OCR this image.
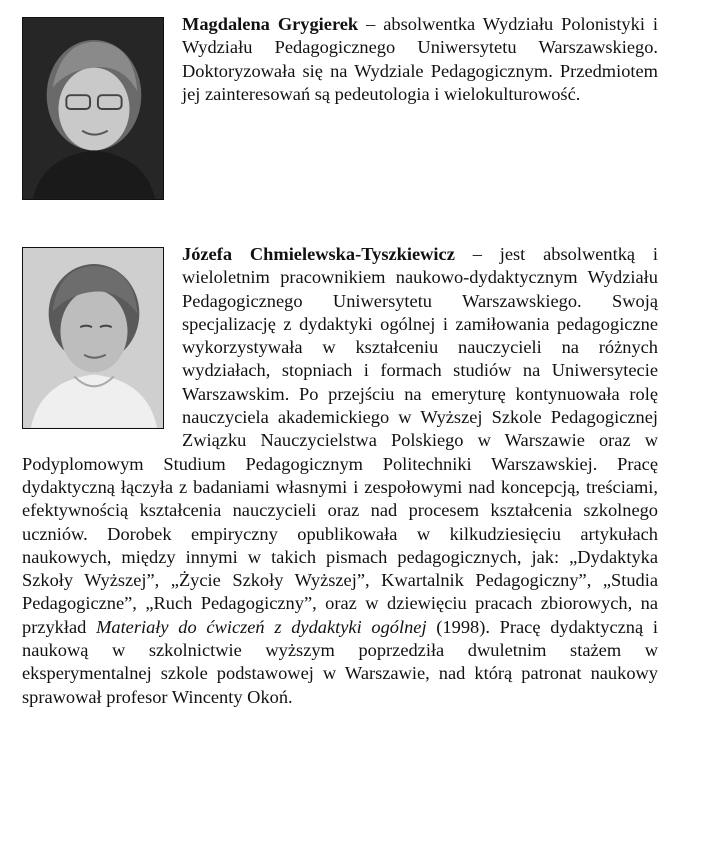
Magdalena Grygierek – absolwentka Wydziału Polonistyki i Wydziału Pedagogicznego Uniwersytetu Warszawskiego. Doktoryzowała się na Wydziale Pedagogicznym. Przedmiotem jej zainteresowań są pedeutologia i wielokulturowość.
Józefa Chmielewska-Tyszkiewicz – jest absolwentką i wieloletnim pracownikiem naukowo-dydaktycznym Wydziału Pedagogicznego Uniwersytetu Warszawskiego. Swoją specjalizację z dydaktyki ogólnej i zamiłowania pedagogiczne wykorzystywała w kształceniu nauczycieli na różnych wydziałach, stopniach i formach studiów na Uniwersytecie Warszawskim. Po przejściu na emeryturę kontynuowała rolę nauczyciela akademickiego w Wyższej Szkole Pedagogicznej Związku Nauczycielstwa Polskiego w Warszawie oraz w Podyplomowym Studium Pedagogicznym Politechniki Warszawskiej. Pracę dydaktyczną łączyła z badaniami własnymi i zespołowymi nad koncepcją, treściami, efektywnością kształcenia nauczycieli oraz nad procesem kształcenia szkolnego uczniów. Dorobek empiryczny opublikowała w kilkudziesięciu artykułach naukowych, między innymi w takich pismach pedagogicznych, jak: „Dydaktyka Szkoły Wyższej”, „Życie Szkoły Wyższej”, Kwartalnik Pedagogiczny”, „Studia Pedagogiczne”, „Ruch Pedagogiczny”, oraz w dziewięciu pracach zbiorowych, na przykład Materiały do ćwiczeń z dydaktyki ogólnej (1998). Pracę dydaktyczną i naukową w szkolnictwie wyższym poprzedziła dwuletnim stażem w eksperymentalnej szkole podstawowej w Warszawie, nad którą patronat naukowy sprawował profesor Wincenty Okoń.
